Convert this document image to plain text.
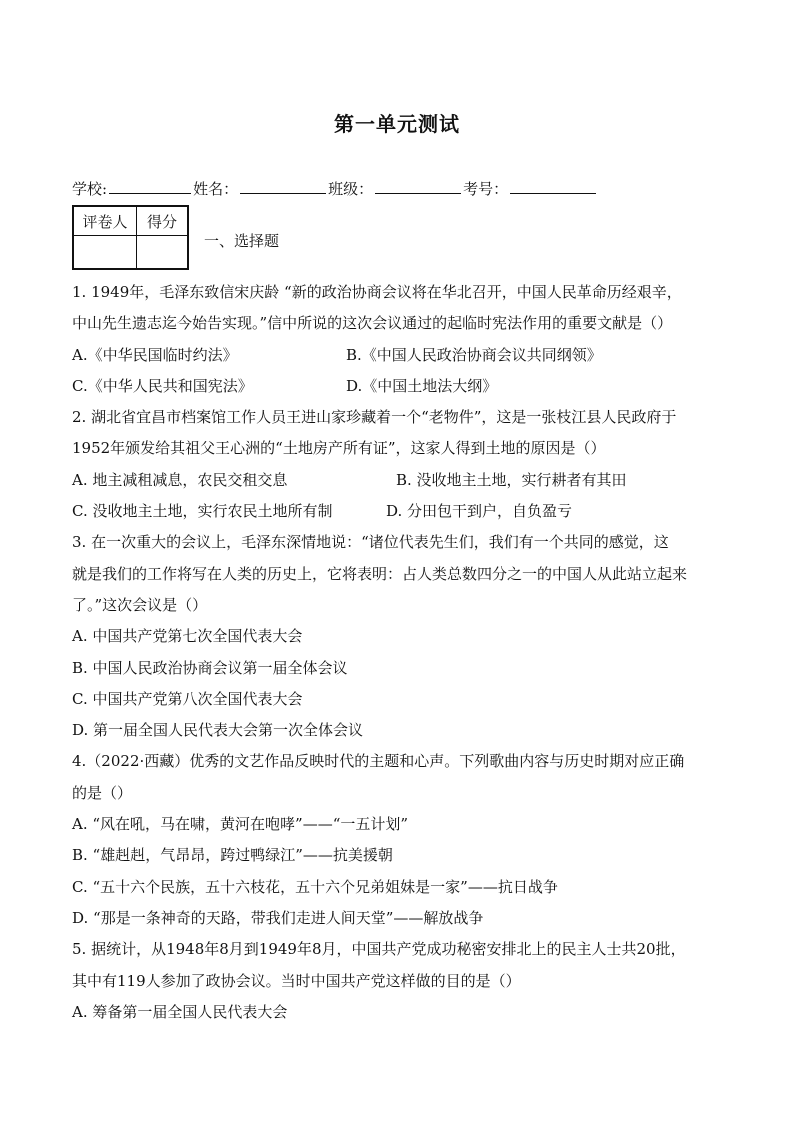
第一单元测试
学校:	姓名：	班级：	考号：
评卷人	得分

一、选择题
1. 1949年，毛泽东致信宋庆龄 “新的政治协商会议将在华北召开，中国人民革命历经艰辛，
中山先生遗志迄今始告实现。”信中所说的这次会议通过的起临时宪法作用的重要文献是（）
A.《中华民国临时约法》	B.《中国人民政治协商会议共同纲领》
C.《中华人民共和国宪法》	D.《中国土地法大纲》
2. 湖北省宜昌市档案馆工作人员王进山家珍藏着一个“老物件”，这是一张枝江县人民政府于
1952年颁发给其祖父王心洲的“土地房产所有证”，这家人得到土地的原因是（）
A. 地主减租减息，农民交租交息	B. 没收地主土地，实行耕者有其田
C. 没收地主土地，实行农民土地所有制	D. 分田包干到户，自负盈亏
3. 在一次重大的会议上，毛泽东深情地说：“诸位代表先生们，我们有一个共同的感觉，这
就是我们的工作将写在人类的历史上，它将表明：占人类总数四分之一的中国人从此站立起来
了。”这次会议是（）
A. 中国共产党第七次全国代表大会
B. 中国人民政治协商会议第一届全体会议
C. 中国共产党第八次全国代表大会
D. 第一届全国人民代表大会第一次全体会议
4.（2022·西藏）优秀的文艺作品反映时代的主题和心声。下列歌曲内容与历史时期对应正确
的是（）
A. “风在吼，马在啸，黄河在咆哮”——“一五计划”
B. “雄赳赳，气昂昂，跨过鸭绿江”——抗美援朝
C. “五十六个民族，五十六枝花，五十六个兄弟姐妹是一家”——抗日战争
D. “那是一条神奇的天路，带我们走进人间天堂”——解放战争
5. 据统计，从1948年8月到1949年8月，中国共产党成功秘密安排北上的民主人士共20批，
其中有119人参加了政协会议。当时中国共产党这样做的目的是（）
A. 筹备第一届全国人民代表大会
